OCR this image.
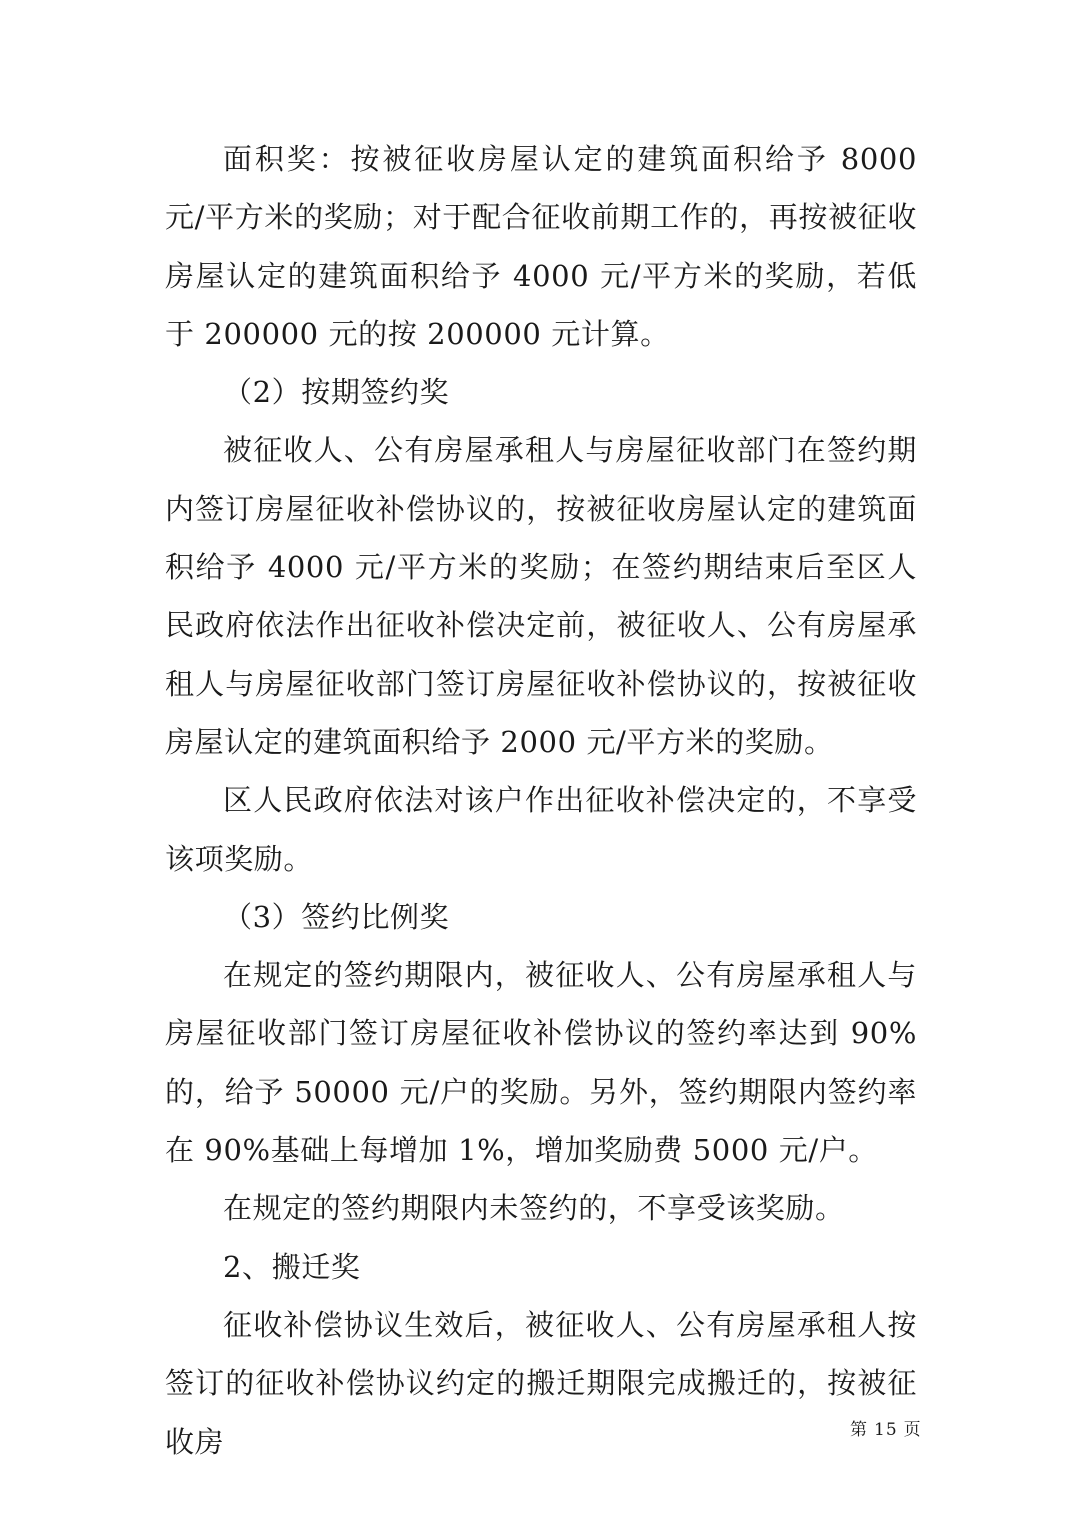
面积奖：按被征收房屋认定的建筑面积给予 8000 元/平方米的奖励；对于配合征收前期工作的，再按被征收房屋认定的建筑面积给予 4000 元/平方米的奖励，若低于 200000 元的按 200000 元计算。

（2）按期签约奖

被征收人、公有房屋承租人与房屋征收部门在签约期内签订房屋征收补偿协议的，按被征收房屋认定的建筑面积给予 4000 元/平方米的奖励；在签约期结束后至区人民政府依法作出征收补偿决定前，被征收人、公有房屋承租人与房屋征收部门签订房屋征收补偿协议的，按被征收房屋认定的建筑面积给予 2000 元/平方米的奖励。

区人民政府依法对该户作出征收补偿决定的，不享受该项奖励。

（3）签约比例奖

在规定的签约期限内，被征收人、公有房屋承租人与房屋征收部门签订房屋征收补偿协议的签约率达到 90%的，给予 50000 元/户的奖励。另外，签约期限内签约率在 90%基础上每增加 1%，增加奖励费 5000 元/户。

在规定的签约期限内未签约的，不享受该奖励。

2、搬迁奖

征收补偿协议生效后，被征收人、公有房屋承租人按签订的征收补偿协议约定的搬迁期限完成搬迁的，按被征收房	第 15 页
